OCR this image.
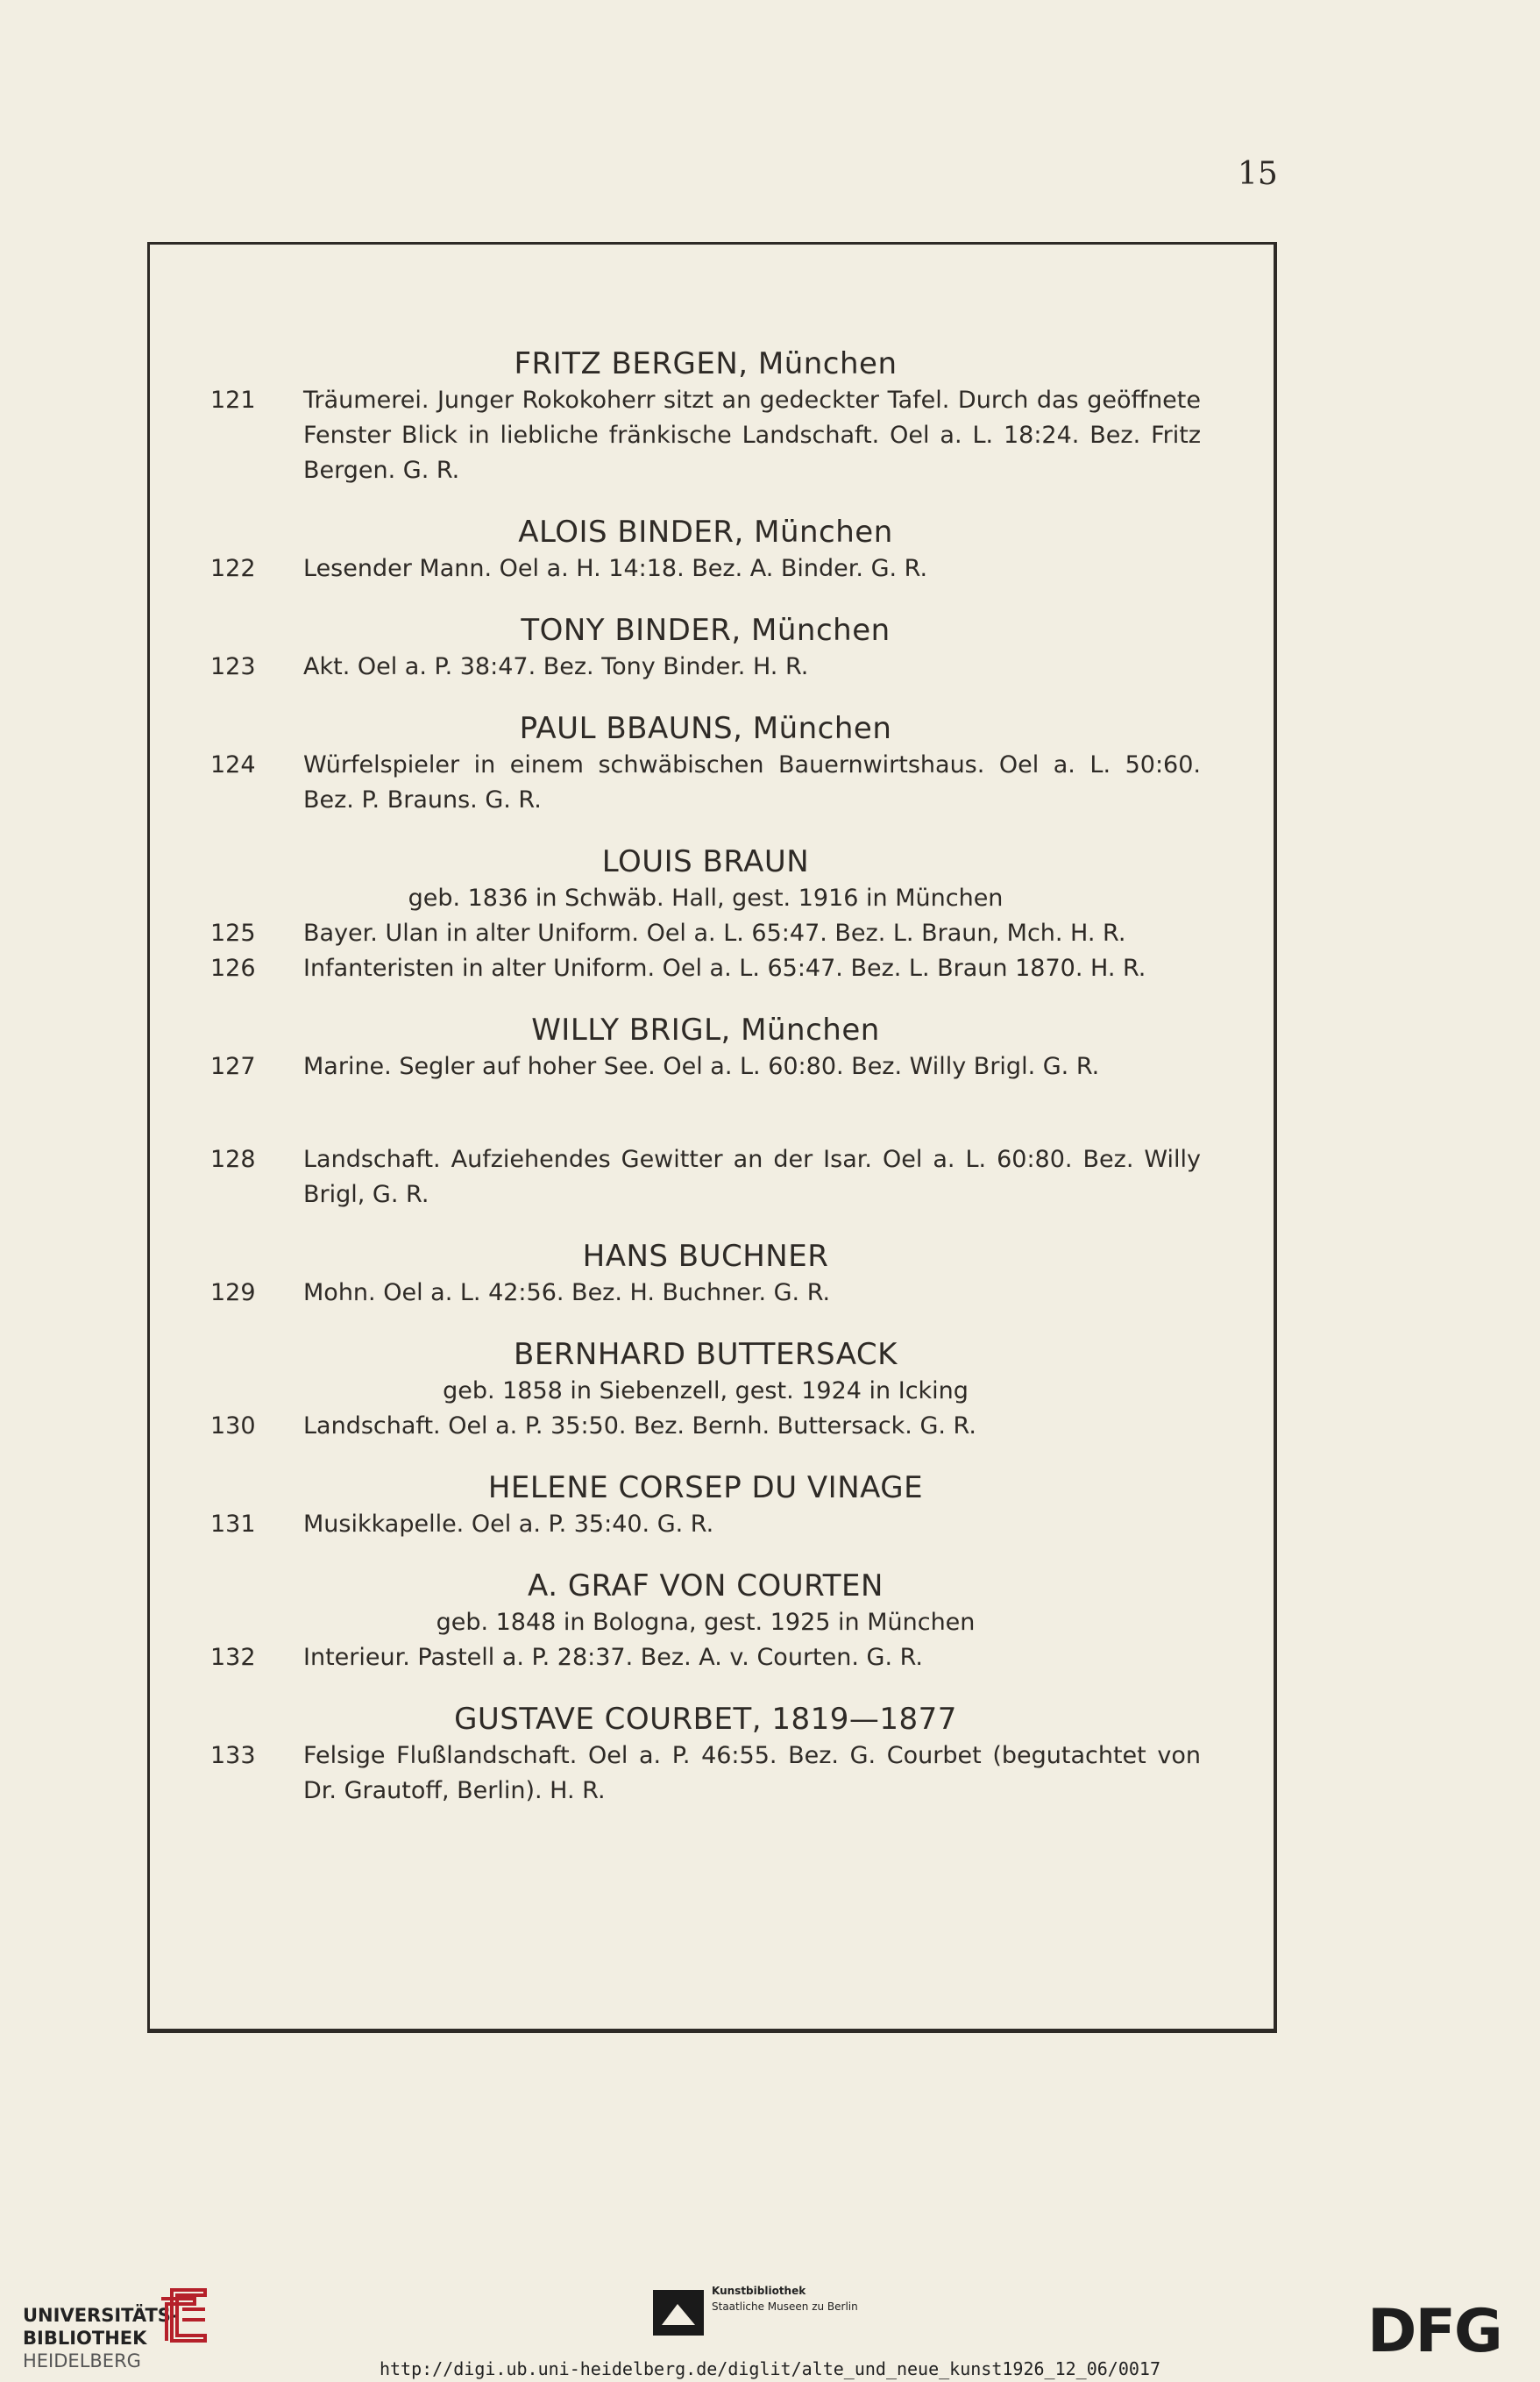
15
FRITZ BERGEN, München
121	Träumerei. Junger Rokokoherr sitzt an gedeckter Tafel. Durch das geöffnete Fenster Blick in liebliche fränkische Landschaft. Oel a. L. 18:24. Bez. Fritz Bergen. G. R.
ALOIS BINDER, München
122	Lesender Mann. Oel a. H. 14:18. Bez. A. Binder. G. R.
TONY BINDER, München
123	Akt. Oel a. P. 38:47. Bez. Tony Binder. H. R.
PAUL BBAUNS, München
124	Würfelspieler in einem schwäbischen Bauernwirtshaus. Oel a. L. 50:60. Bez. P. Brauns. G. R.
LOUIS BRAUN
geb. 1836 in Schwäb. Hall, gest. 1916 in München
125	Bayer. Ulan in alter Uniform. Oel a. L. 65:47. Bez. L. Braun, Mch. H. R.
126	Infanteristen in alter Uniform. Oel a. L. 65:47. Bez. L. Braun 1870. H. R.
WILLY BRIGL, München
127	Marine. Segler auf hoher See. Oel a. L. 60:80. Bez. Willy Brigl. G. R.
128	Landschaft. Aufziehendes Gewitter an der Isar. Oel a. L. 60:80. Bez. Willy Brigl, G. R.
HANS BUCHNER
129	Mohn. Oel a. L. 42:56. Bez. H. Buchner. G. R.
BERNHARD BUTTERSACK
geb. 1858 in Siebenzell, gest. 1924 in Icking
130	Landschaft. Oel a. P. 35:50. Bez. Bernh. Buttersack. G. R.
HELENE CORSEP DU VINAGE
131	Musikkapelle. Oel a. P. 35:40. G. R.
A. GRAF VON COURTEN
geb. 1848 in Bologna, gest. 1925 in München
132	Interieur. Pastell a. P. 28:37. Bez. A. v. Courten. G. R.
GUSTAVE COURBET, 1819—1877
133	Felsige Flußlandschaft. Oel a. P. 46:55. Bez. G. Courbet (begutachtet von Dr. Grautoff, Berlin). H. R.
UNIVERSITÄTS-
BIBLIOTHEK
HEIDELBERG
Kunstbibliothek
Staatliche Museen zu Berlin	DFG
http://digi.ub.uni-heidelberg.de/diglit/alte_und_neue_kunst1926_12_06/0017
